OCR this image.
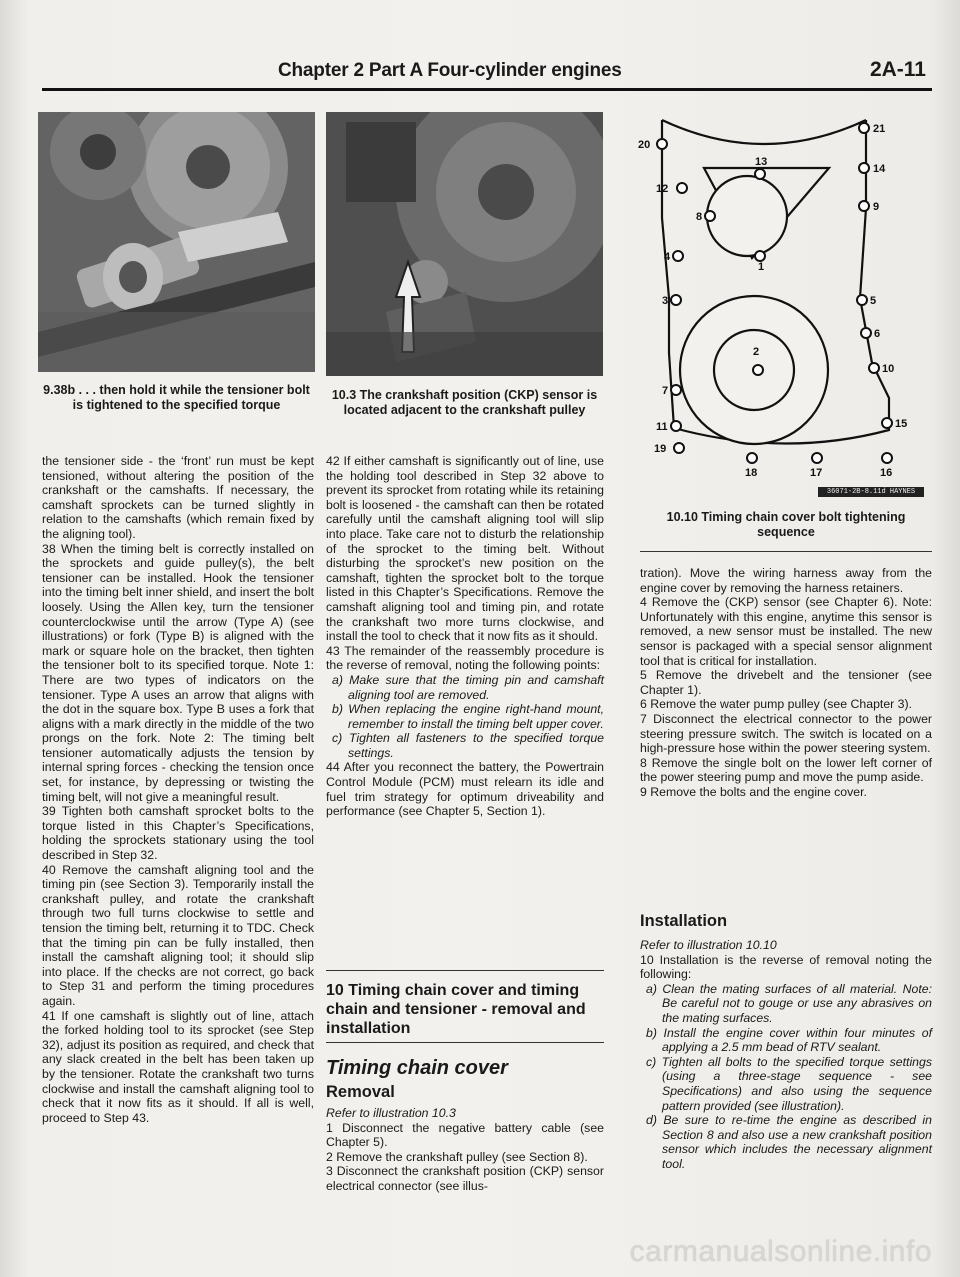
Chapter 2 Part A Four-cylinder engines	2A-11
9.38b . . . then hold it while the tensioner bolt is tightened to the specified torque
10.3 The crankshaft position (CKP) sensor is located adjacent to the crankshaft pulley
20
21
13
14
12
9
8
4
1
3	5
6
2
10
7
11	15
19
18	17	16
36071-2B-8.11d HAYNES
10.10 Timing chain cover bolt tightening sequence

the tensioner side - the ‘front’ run must be kept tensioned, without altering the position of the crankshaft or the camshafts. If necessary, the camshaft sprockets can be turned slightly in relation to the camshafts (which remain fixed by the aligning tool).

38 When the timing belt is correctly installed on the sprockets and guide pulley(s), the belt tensioner can be installed. Hook the tensioner into the timing belt inner shield, and insert the bolt loosely. Using the Allen key, turn the tensioner counterclockwise until the arrow (Type A) (see illustrations) or fork (Type B) is aligned with the mark or square hole on the bracket, then tighten the tensioner bolt to its specified torque. Note 1: There are two types of indicators on the tensioner. Type A uses an arrow that aligns with the dot in the square box. Type B uses a fork that aligns with a mark directly in the middle of the two prongs on the fork. Note 2: The timing belt tensioner automatically adjusts the tension by internal spring forces - checking the tension once set, for instance, by depressing or twisting the timing belt, will not give a meaningful result.

39 Tighten both camshaft sprocket bolts to the torque listed in this Chapter’s Specifications, holding the sprockets stationary using the tool described in Step 32.

40 Remove the camshaft aligning tool and the timing pin (see Section 3). Temporarily install the crankshaft pulley, and rotate the crankshaft through two full turns clockwise to settle and tension the timing belt, returning it to TDC. Check that the timing pin can be fully installed, then install the camshaft aligning tool; it should slip into place. If the checks are not correct, go back to Step 31 and perform the timing procedures again.

41 If one camshaft is slightly out of line, attach the forked holding tool to its sprocket (see Step 32), adjust its position as required, and check that any slack created in the belt has been taken up by the tensioner. Rotate the crankshaft two turns clockwise and install the camshaft aligning tool to check that it now fits as it should. If all is well, proceed to Step 43.

42 If either camshaft is significantly out of line, use the holding tool described in Step 32 above to prevent its sprocket from rotating while its retaining bolt is loosened - the camshaft can then be rotated carefully until the camshaft aligning tool will slip into place. Take care not to disturb the relationship of the sprocket to the timing belt. Without disturbing the sprocket’s new position on the camshaft, tighten the sprocket bolt to the torque listed in this Chapter’s Specifications. Remove the camshaft aligning tool and timing pin, and rotate the crankshaft two more turns clockwise, and install the tool to check that it now fits as it should.

43 The remainder of the reassembly procedure is the reverse of removal, noting the following points:

a) Make sure that the timing pin and camshaft aligning tool are removed.

b) When replacing the engine right-hand mount, remember to install the timing belt upper cover.

c) Tighten all fasteners to the specified torque settings.

44 After you reconnect the battery, the Powertrain Control Module (PCM) must relearn its idle and fuel trim strategy for optimum driveability and performance (see Chapter 5, Section 1).

10 Timing chain cover and timing chain and tensioner - removal and installation
Timing chain cover
Removal

Refer to illustration 10.3

1 Disconnect the negative battery cable (see Chapter 5).

2 Remove the crankshaft pulley (see Section 8).

3 Disconnect the crankshaft position (CKP) sensor electrical connector (see illus-

tration). Move the wiring harness away from the engine cover by removing the harness retainers.

4 Remove the (CKP) sensor (see Chapter 6). Note: Unfortunately with this engine, anytime this sensor is removed, a new sensor must be installed. The new sensor is packaged with a special sensor alignment tool that is critical for installation.

5 Remove the drivebelt and the tensioner (see Chapter 1).

6 Remove the water pump pulley (see Chapter 3).

7 Disconnect the electrical connector to the power steering pressure switch. The switch is located on a high-pressure hose within the power steering system.

8 Remove the single bolt on the lower left corner of the power steering pump and move the pump aside.

9 Remove the bolts and the engine cover.

Installation

Refer to illustration 10.10

10 Installation is the reverse of removal noting the following:

a) Clean the mating surfaces of all material. Note: Be careful not to gouge or use any abrasives on the mating surfaces.

b) Install the engine cover within four minutes of applying a 2.5 mm bead of RTV sealant.

c) Tighten all bolts to the specified torque settings (using a three-stage sequence - see Specifications) and also using the sequence pattern provided (see illustration).

d) Be sure to re-time the engine as described in Section 8 and also use a new crankshaft position sensor which includes the necessary alignment tool.

carmanualsonline.info
